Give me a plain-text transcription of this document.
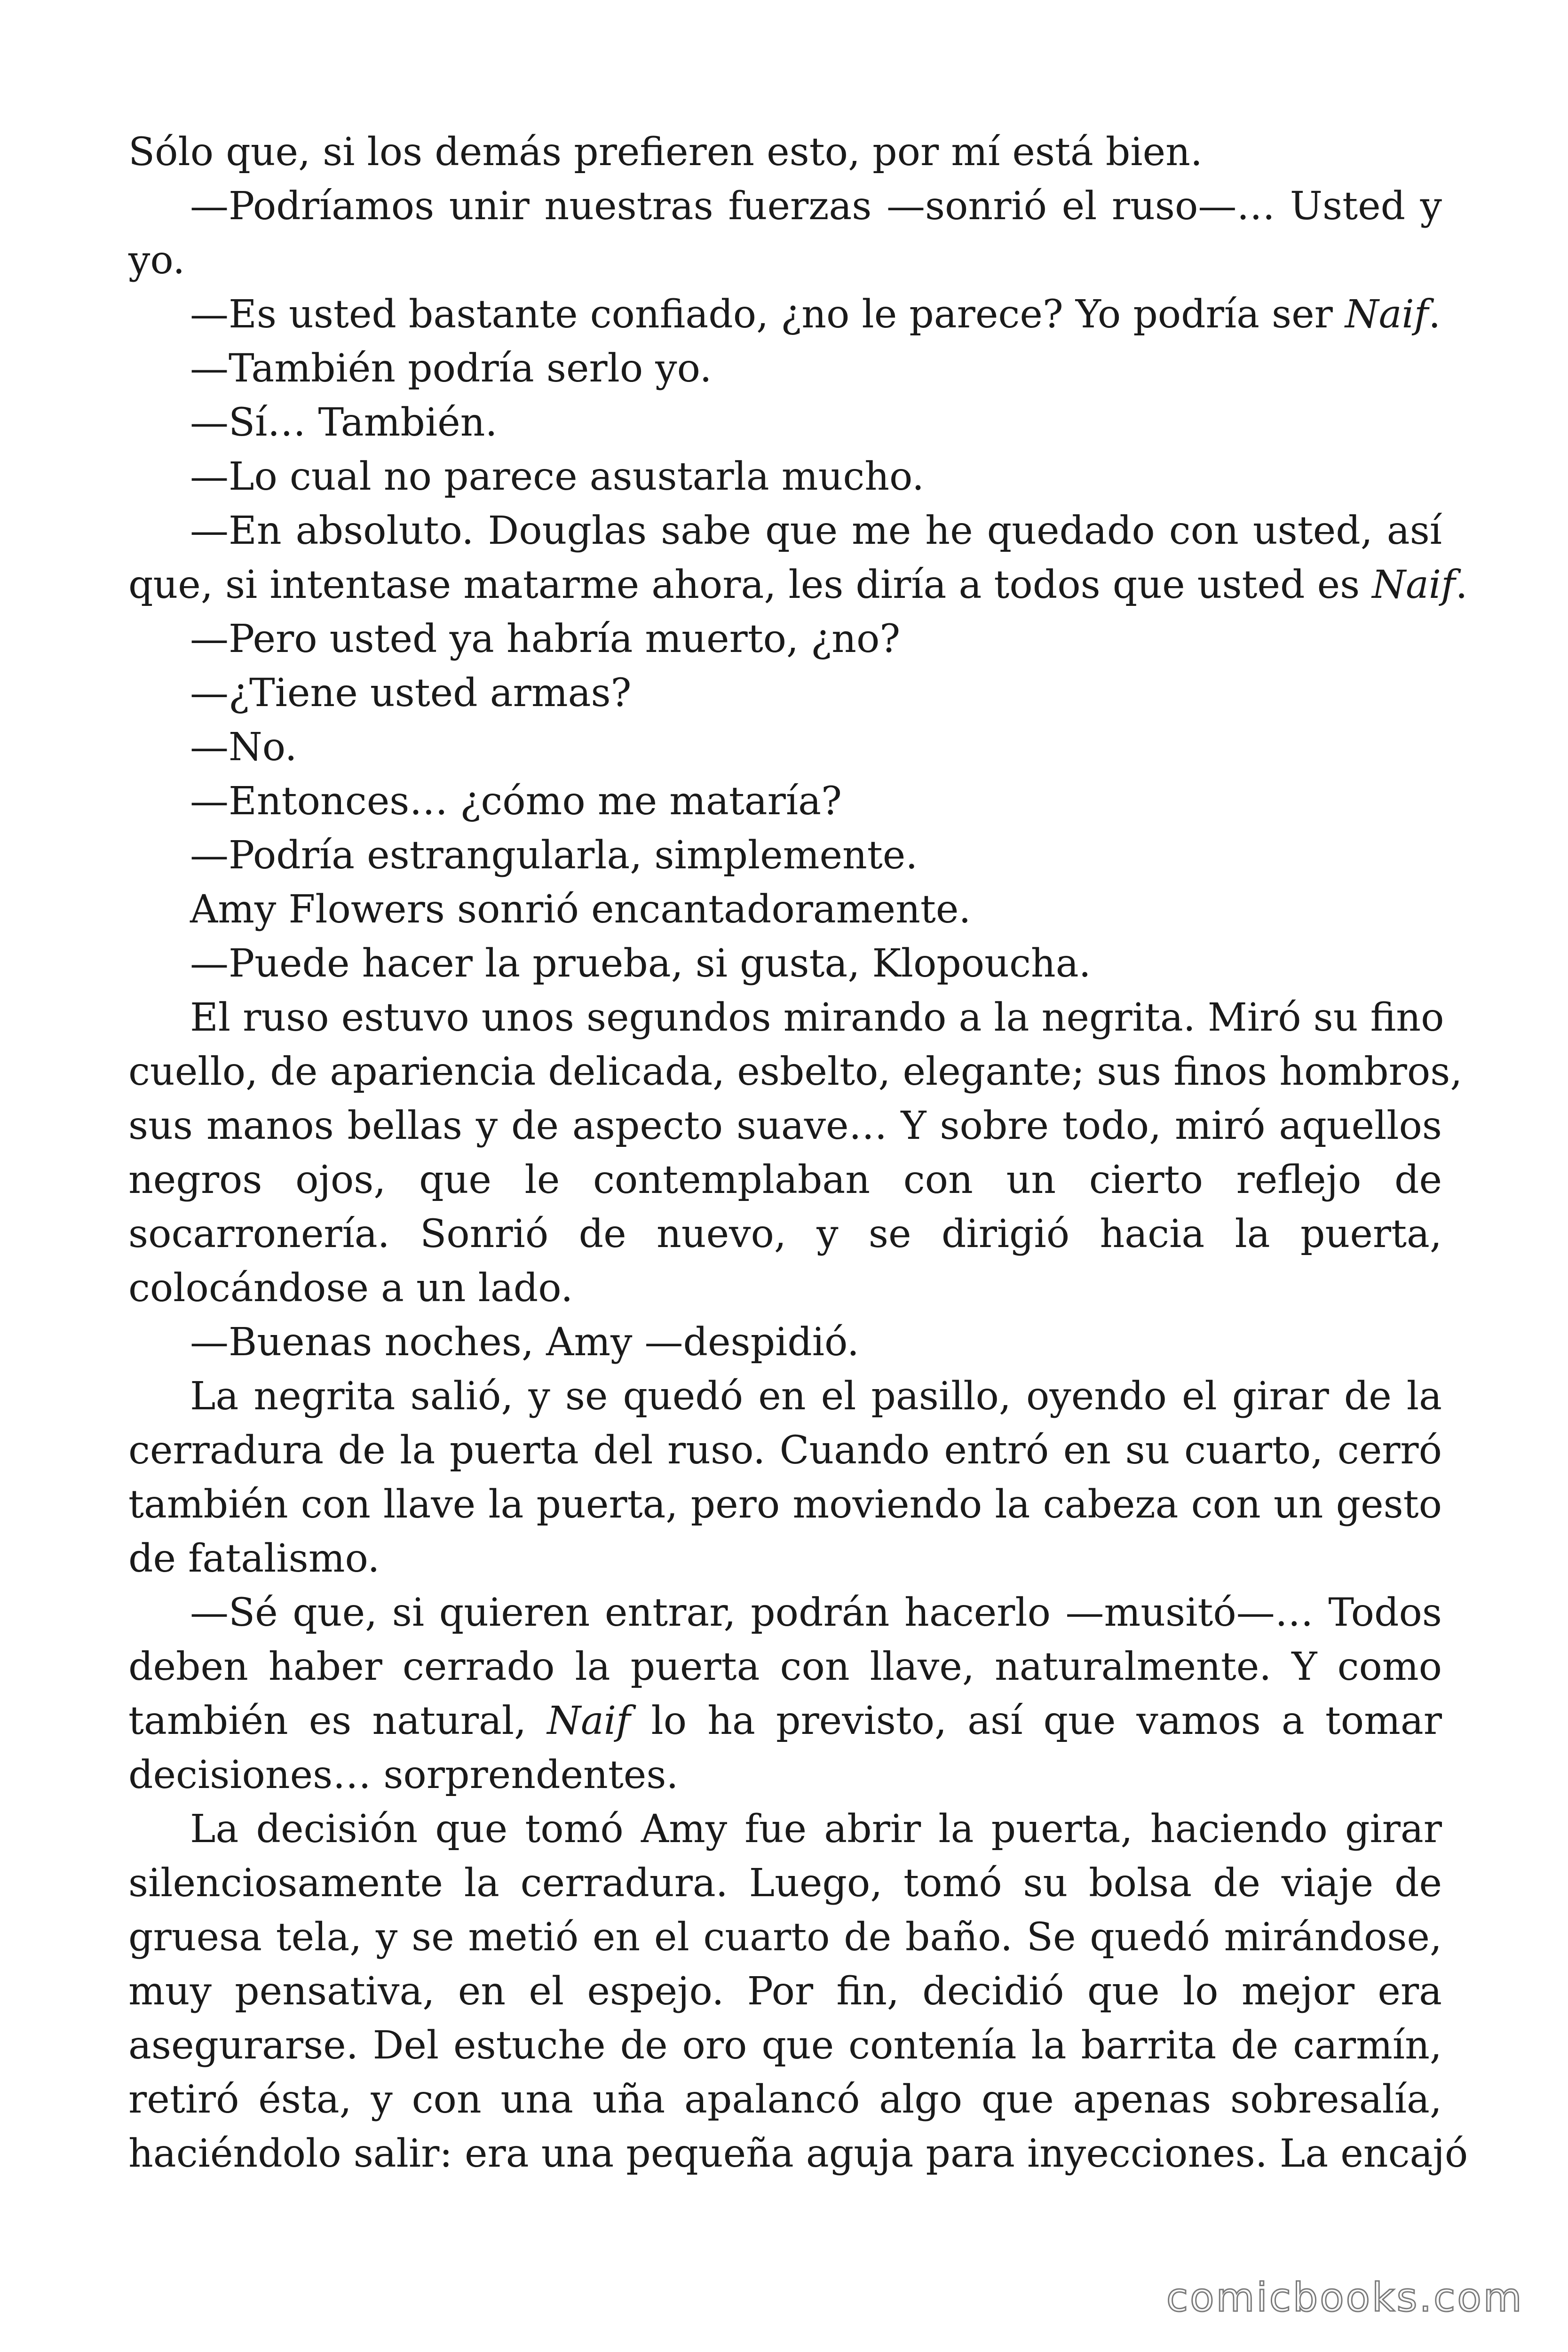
Sólo que, si los demás prefieren esto, por mí está bien.
—Podríamos unir nuestras fuerzas —sonrió el ruso—… Usted y
yo.
—Es usted bastante confiado, ¿no le parece? Yo podría ser Naif.
—También podría serlo yo.
—Sí… También.
—Lo cual no parece asustarla mucho.
—En absoluto. Douglas sabe que me he quedado con usted, así
que, si intentase matarme ahora, les diría a todos que usted es Naif.
—Pero usted ya habría muerto, ¿no?
—¿Tiene usted armas?
—No.
—Entonces… ¿cómo me mataría?
—Podría estrangularla, simplemente.
Amy Flowers sonrió encantadoramente.
—Puede hacer la prueba, si gusta, Klopoucha.
El ruso estuvo unos segundos mirando a la negrita. Miró su fino
cuello, de apariencia delicada, esbelto, elegante; sus finos hombros,
sus manos bellas y de aspecto suave… Y sobre todo, miró aquellos
negros ojos, que le contemplaban con un cierto reflejo de
socarronería. Sonrió de nuevo, y se dirigió hacia la puerta,
colocándose a un lado.
—Buenas noches, Amy —despidió.
La negrita salió, y se quedó en el pasillo, oyendo el girar de la
cerradura de la puerta del ruso. Cuando entró en su cuarto, cerró
también con llave la puerta, pero moviendo la cabeza con un gesto
de fatalismo.
—Sé que, si quieren entrar, podrán hacerlo —musitó—… Todos
deben haber cerrado la puerta con llave, naturalmente. Y como
también es natural, Naif lo ha previsto, así que vamos a tomar
decisiones… sorprendentes.
La decisión que tomó Amy fue abrir la puerta, haciendo girar
silenciosamente la cerradura. Luego, tomó su bolsa de viaje de
gruesa tela, y se metió en el cuarto de baño. Se quedó mirándose,
muy pensativa, en el espejo. Por fin, decidió que lo mejor era
asegurarse. Del estuche de oro que contenía la barrita de carmín,
retiró ésta, y con una uña apalancó algo que apenas sobresalía,
haciéndolo salir: era una pequeña aguja para inyecciones. La encajó
comicbooks.com
